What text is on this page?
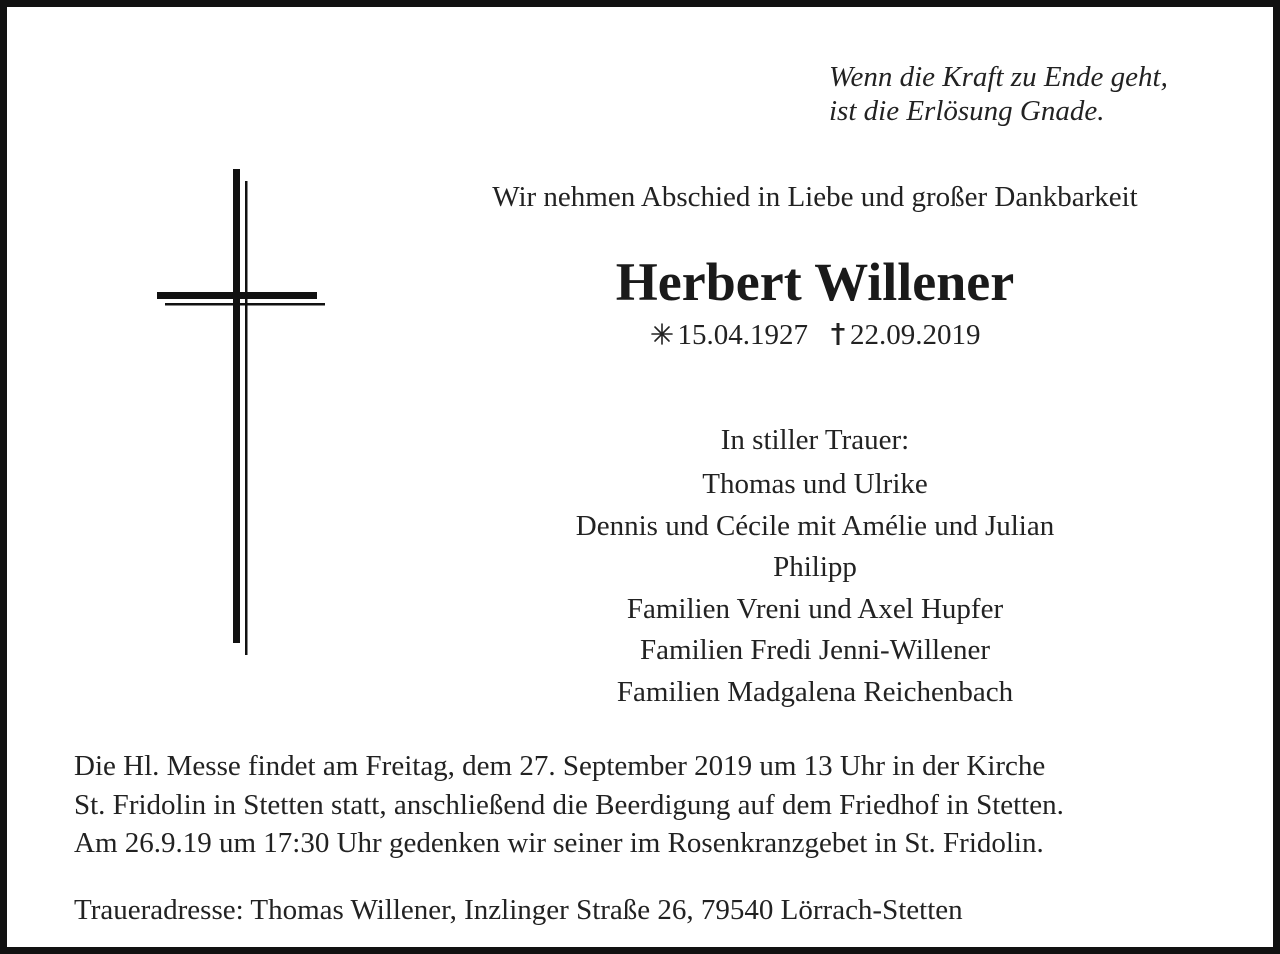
Wenn die Kraft zu Ende geht,
ist die Erlösung Gnade.
Wir nehmen Abschied in Liebe und großer Dankbarkeit
Herbert Willener
15.04.1927 22.09.2019
In stiller Trauer:
Thomas und Ulrike
Dennis und Cécile mit Amélie und Julian
Philipp
Familien Vreni und Axel Hupfer
Familien Fredi Jenni-Willener
Familien Madgalena Reichenbach
Die Hl. Messe findet am Freitag, dem 27. September 2019 um 13 Uhr in der Kirche
St. Fridolin in Stetten statt, anschließend die Beerdigung auf dem Friedhof in Stetten.
Am 26.9.19 um 17:30 Uhr gedenken wir seiner im Rosenkranzgebet in St. Fridolin.
Traueradresse: Thomas Willener, Inzlinger Straße 26, 79540 Lörrach-Stetten
